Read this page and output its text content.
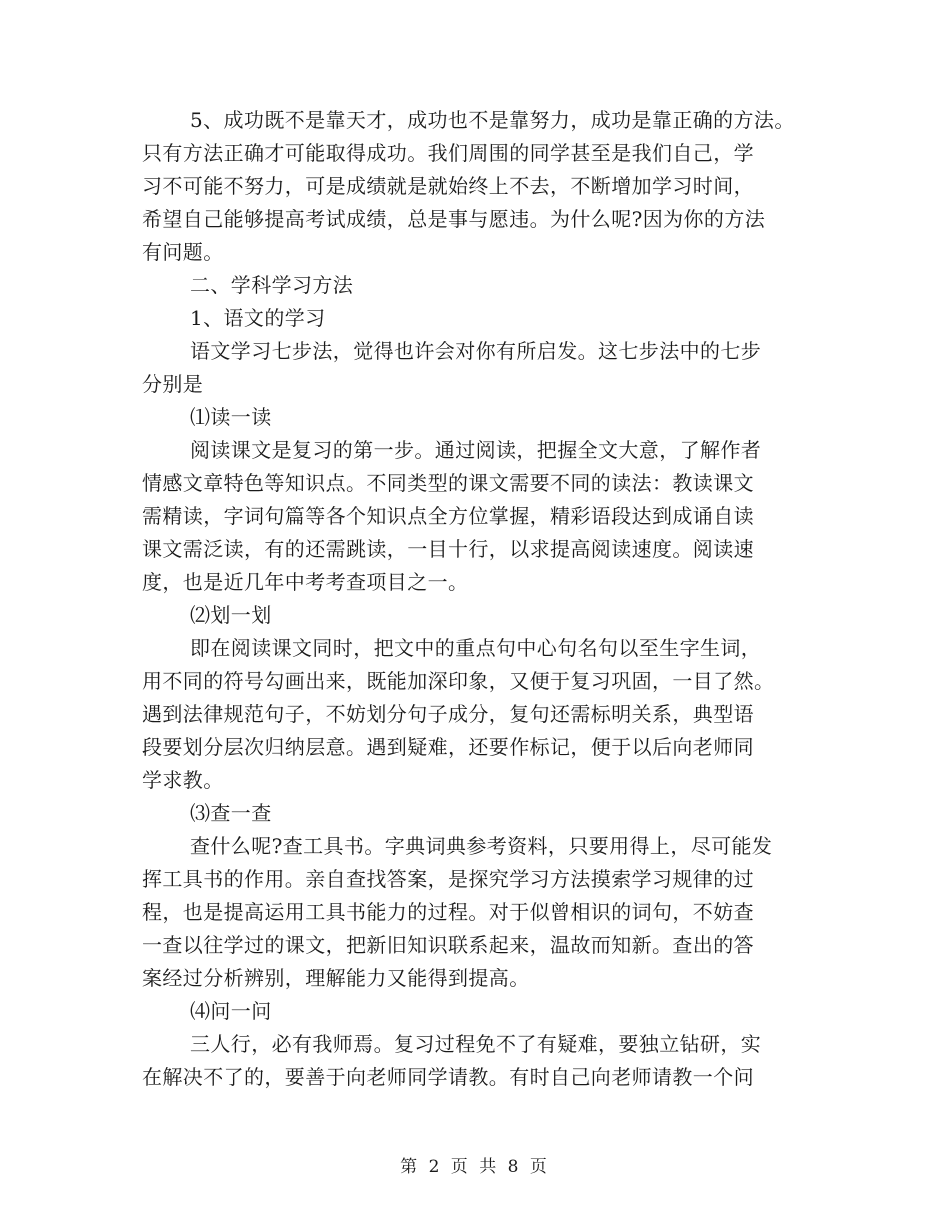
5、成功既不是靠天才，成功也不是靠努力，成功是靠正确的方法。
只有方法正确才可能取得成功。我们周围的同学甚至是我们自己，学
习不可能不努力，可是成绩就是就始终上不去，不断增加学习时间，
希望自己能够提高考试成绩，总是事与愿违。为什么呢?因为你的方法
有问题。
二、学科学习方法
1、语文的学习
语文学习七步法，觉得也许会对你有所启发。这七步法中的七步
分别是
⑴读一读
阅读课文是复习的第一步。通过阅读，把握全文大意，了解作者
情感文章特色等知识点。不同类型的课文需要不同的读法：教读课文
需精读，字词句篇等各个知识点全方位掌握，精彩语段达到成诵自读
课文需泛读，有的还需跳读，一目十行，以求提高阅读速度。阅读速
度，也是近几年中考考查项目之一。
⑵划一划
即在阅读课文同时，把文中的重点句中心句名句以至生字生词，
用不同的符号勾画出来，既能加深印象，又便于复习巩固，一目了然。
遇到法律规范句子，不妨划分句子成分，复句还需标明关系，典型语
段要划分层次归纳层意。遇到疑难，还要作标记，便于以后向老师同
学求教。
⑶查一查
查什么呢?查工具书。字典词典参考资料，只要用得上，尽可能发
挥工具书的作用。亲自查找答案，是探究学习方法摸索学习规律的过
程，也是提高运用工具书能力的过程。对于似曾相识的词句，不妨查
一查以往学过的课文，把新旧知识联系起来，温故而知新。查出的答
案经过分析辨别，理解能力又能得到提高。
⑷问一问
三人行，必有我师焉。复习过程免不了有疑难，要独立钻研，实
在解决不了的，要善于向老师同学请教。有时自己向老师请教一个问
第 2 页 共 8 页
